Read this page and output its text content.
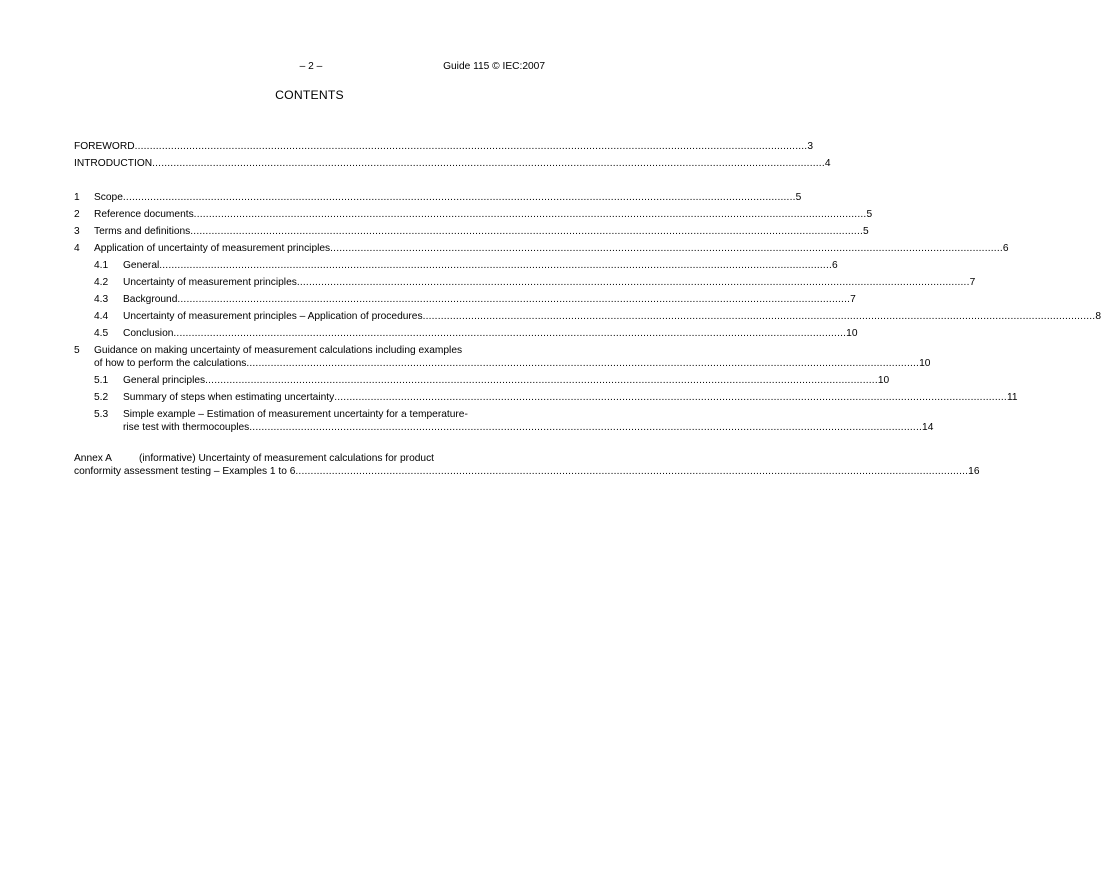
– 2 –	Guide 115 © IEC:2007
CONTENTS
FOREWORD .....	3
INTRODUCTION .....	4
1	Scope .....	5
2	Reference documents .....	5
3	Terms and definitions .....	5
4	Application of uncertainty of measurement principles .....	6
4.1	General .....	6
4.2	Uncertainty of measurement principles .....	7
4.3	Background .....	7
4.4	Uncertainty of measurement principles – Application of procedures .....	8
4.5	Conclusion .....	10
5	Guidance on making uncertainty of measurement calculations including examples
of how to perform the calculations .....	10
5.1	General principles .....	10
5.2	Summary of steps when estimating uncertainty .....	11
5.3	Simple example – Estimation of measurement uncertainty for a temperature-
rise test with thermocouples .....	14
Annex A	(informative) Uncertainty of measurement calculations for product
conformity assessment testing – Examples 1 to 6 .....	16
